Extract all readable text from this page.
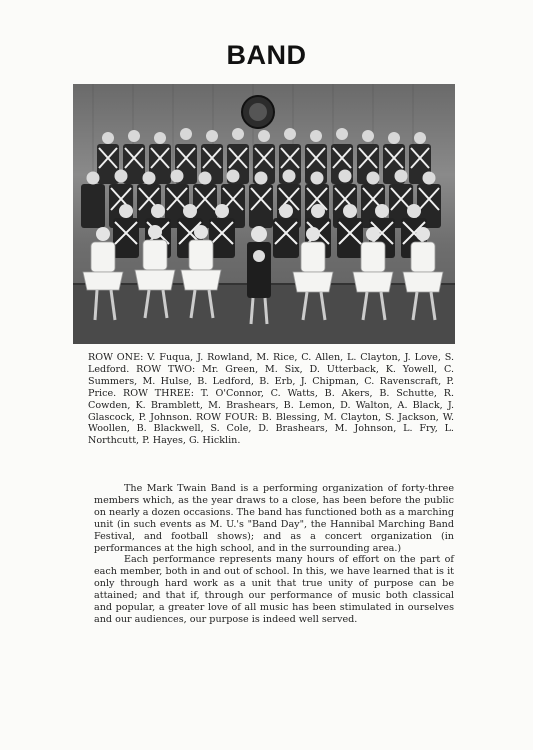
BAND

ROW ONE: V. Fuqua, J. Rowland, M. Rice, C. Allen, L. Clayton, J. Love, S. Ledford. ROW TWO: Mr. Green, M. Six, D. Utterback, K. Yowell, C. Summers, M. Hulse, B. Ledford, B. Erb, J. Chipman, C. Ravenscraft, P. Price. ROW THREE: T. O'Connor, C. Watts, B. Akers, B. Schutte, R. Cowden, K. Bramblett, M. Brashears, B. Lemon, D. Walton, A. Black, J. Glascock, P. Johnson. ROW FOUR: B. Blessing, M. Clayton, S. Jackson, W. Woollen, B. Blackwell, S. Cole, D. Brashears, M. Johnson, L. Fry, L. Northcutt, P. Hayes, G. Hicklin.

The Mark Twain Band is a performing organization of forty-three members which, as the year draws to a close, has been before the public on nearly a dozen occasions. The band has functioned both as a marching unit (in such events as M. U.'s "Band Day", the Hannibal Marching Band Festival, and football shows); and as a concert organization (in performances at the high school, and in the surrounding area.)

Each performance represents many hours of effort on the part of each member, both in and out of school. In this, we have learned that is it only through hard work as a unit that true unity of purpose can be attained; and that if, through our performance of music both classical and popular, a greater love of all music has been stimulated in ourselves and our audiences, our purpose is indeed well served.
